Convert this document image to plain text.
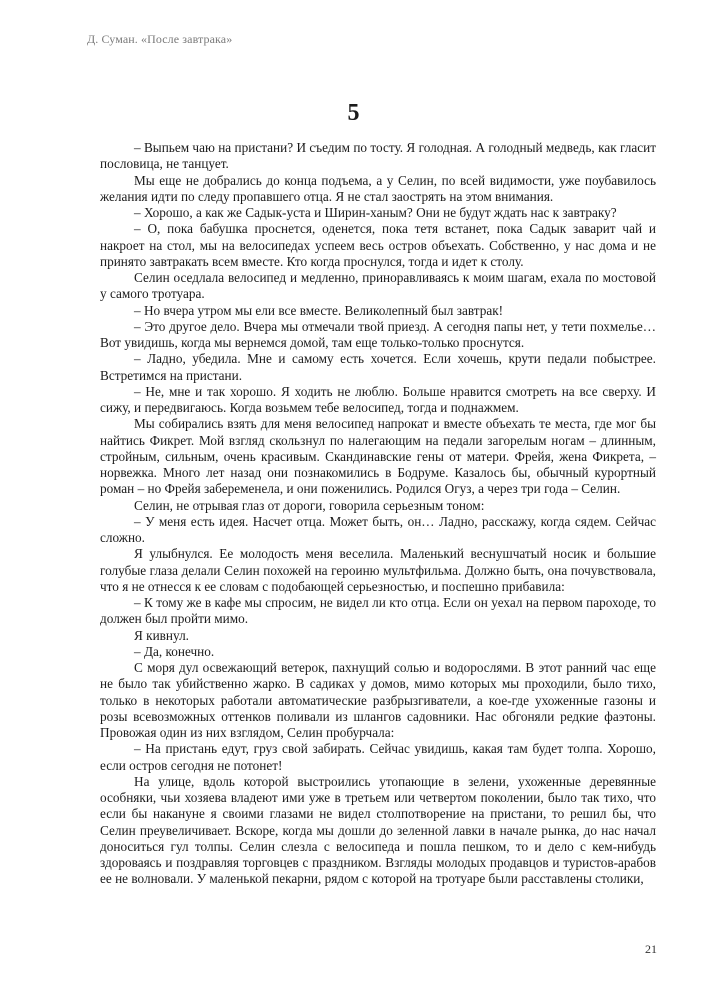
Д. Суман. «После завтрака»
5

– Выпьем чаю на пристани? И съедим по тосту. Я голодная. А голодный медведь, как гласит пословица, не танцует.

Мы еще не добрались до конца подъема, а у Селин, по всей видимости, уже поубавилось желания идти по следу пропавшего отца. Я не стал заострять на этом внимания.

– Хорошо, а как же Садык-уста и Ширин-ханым? Они не будут ждать нас к завтраку?

– О, пока бабушка проснется, оденется, пока тетя встанет, пока Садык заварит чай и накроет на стол, мы на велосипедах успеем весь остров объехать. Собственно, у нас дома и не принято завтракать всем вместе. Кто когда проснулся, тогда и идет к столу.

Селин оседлала велосипед и медленно, приноравливаясь к моим шагам, ехала по мостовой у самого тротуара.

– Но вчера утром мы ели все вместе. Великолепный был завтрак!

– Это другое дело. Вчера мы отмечали твой приезд. А сегодня папы нет, у тети похмелье… Вот увидишь, когда мы вернемся домой, там еще только-только проснутся.

– Ладно, убедила. Мне и самому есть хочется. Если хочешь, крути педали побыстрее. Встретимся на пристани.

– Не, мне и так хорошо. Я ходить не люблю. Больше нравится смотреть на все сверху. И сижу, и передвигаюсь. Когда возьмем тебе велосипед, тогда и поднажмем.

Мы собирались взять для меня велосипед напрокат и вместе объехать те места, где мог бы найтись Фикрет. Мой взгляд скользнул по налегающим на педали загорелым ногам – длинным, стройным, сильным, очень красивым. Скандинавские гены от матери. Фрейя, жена Фикрета, – норвежка. Много лет назад они познакомились в Бодруме. Казалось бы, обычный курортный роман – но Фрейя забеременела, и они поженились. Родился Огуз, а через три года – Селин.

Селин, не отрывая глаз от дороги, говорила серьезным тоном:

– У меня есть идея. Насчет отца. Может быть, он… Ладно, расскажу, когда сядем. Сейчас сложно.

Я улыбнулся. Ее молодость меня веселила. Маленький веснушчатый носик и большие голубые глаза делали Селин похожей на героиню мультфильма. Должно быть, она почувствовала, что я не отнесся к ее словам с подобающей серьезностью, и поспешно прибавила:

– К тому же в кафе мы спросим, не видел ли кто отца. Если он уехал на первом пароходе, то должен был пройти мимо.

Я кивнул.

– Да, конечно.

С моря дул освежающий ветерок, пахнущий солью и водорослями. В этот ранний час еще не было так убийственно жарко. В садиках у домов, мимо которых мы проходили, было тихо, только в некоторых работали автоматические разбрызгиватели, а кое-где ухоженные газоны и розы всевозможных оттенков поливали из шлангов садовники. Нас обгоняли редкие фаэтоны. Провожая один из них взглядом, Селин пробурчала:

– На пристань едут, груз свой забирать. Сейчас увидишь, какая там будет толпа. Хорошо, если остров сегодня не потонет!

На улице, вдоль которой выстроились утопающие в зелени, ухоженные деревянные особняки, чьи хозяева владеют ими уже в третьем или четвертом поколении, было так тихо, что если бы накануне я своими глазами не видел столпотворение на пристани, то решил бы, что Селин преувеличивает. Вскоре, когда мы дошли до зеленной лавки в начале рынка, до нас начал доноситься гул толпы. Селин слезла с велосипеда и пошла пешком, то и дело с кем-нибудь здороваясь и поздравляя торговцев с праздником. Взгляды молодых продавцов и туристов-арабов ее не волновали. У маленькой пекарни, рядом с которой на тротуаре были расставлены столики,

21
